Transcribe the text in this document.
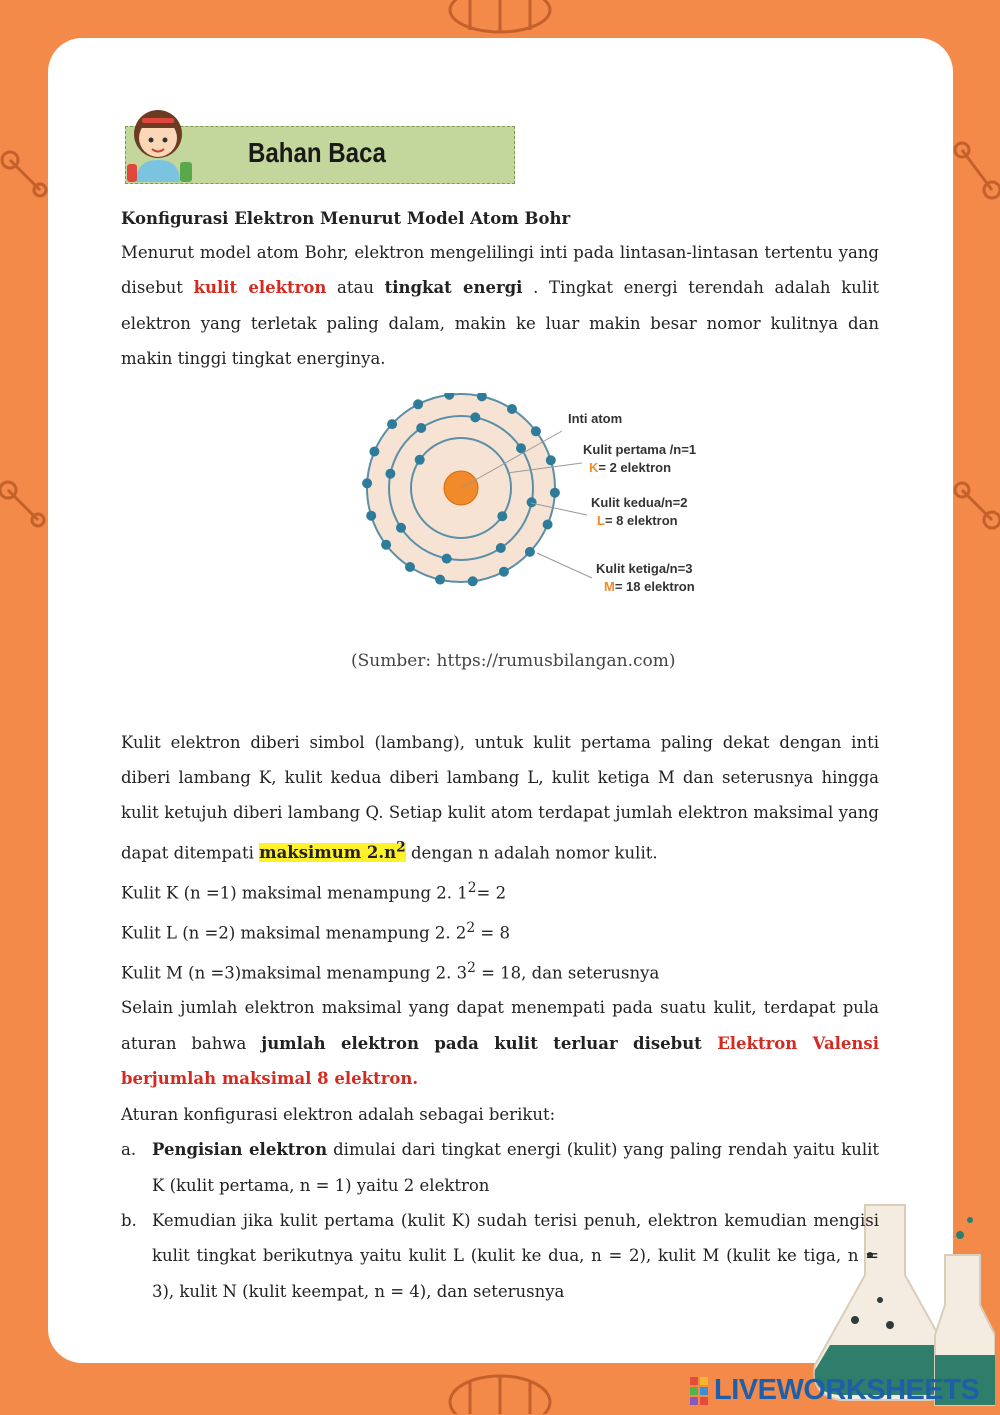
Bahan Baca

Konfigurasi Elektron Menurut Model Atom Bohr

Menurut model atom Bohr, elektron mengelilingi inti pada lintasan-lintasan tertentu yang disebut kulit elektron atau tingkat energi . Tingkat energi terendah adalah kulit elektron yang terletak paling dalam, makin ke luar makin besar nomor kulitnya dan makin tinggi tingkat energinya.

Inti atom
Kulit pertama /n=1
K= 2 elektron
Kulit kedua/n=2
L= 8 elektron
Kulit ketiga/n=3
M= 18 elektron
(Sumber: https://rumusbilangan.com)

Kulit elektron diberi simbol (lambang), untuk kulit pertama paling dekat dengan inti diberi lambang K, kulit kedua diberi lambang L, kulit ketiga M dan seterusnya hingga kulit ketujuh diberi lambang Q. Setiap kulit atom terdapat jumlah elektron maksimal yang dapat ditempati maksimum $2.n^2$ dengan n adalah nomor kulit.

Kulit K (n =1) maksimal menampung 2. $1^2= 2$

Kulit L (n =2) maksimal menampung 2. $2^2 = 8$

Kulit M (n =3)maksimal menampung 2. $3^2 = 18$, dan seterusnya

Selain jumlah elektron maksimal yang dapat menempati pada suatu kulit, terdapat pula aturan bahwa jumlah elektron pada kulit terluar disebut Elektron Valensi berjumlah maksimal 8 elektron.

Aturan konfigurasi elektron adalah sebagai berikut:

a. Pengisian elektron dimulai dari tingkat energi (kulit) yang paling rendah yaitu kulit K (kulit pertama, n = 1) yaitu 2 elektron
b. Kemudian jika kulit pertama (kulit K) sudah terisi penuh, elektron kemudian mengisi kulit tingkat berikutnya yaitu kulit L (kulit ke dua, n = 2), kulit M (kulit ke tiga, n = 3), kulit N (kulit keempat, n = 4), dan seterusnya
LIVEWORKSHEETS
